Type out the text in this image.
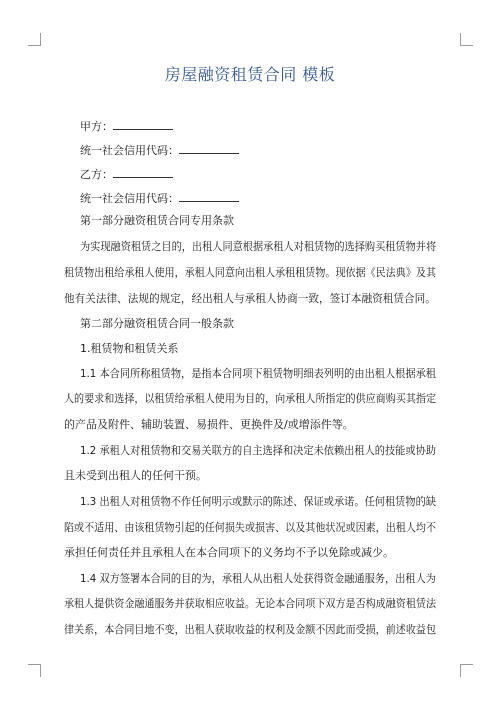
房屋融资租赁合同 模板
甲方：
统一社会信用代码：
乙方：
统一社会信用代码：
第一部分融资租赁合同专用条款
为实现融资租赁之目的，出租人同意根据承租人对租赁物的选择购买租赁物并将
租赁物出租给承租人使用，承租人同意向出租人承租租赁物。现依据《民法典》及其
他有关法律、法规的规定，经出租人与承租人协商一致，签订本融资租赁合同。
第二部分融资租赁合同一般条款
1.租赁物和租赁关系
1.1 本合同所称租赁物，是指本合同项下租赁物明细表列明的由出租人根据承租
人的要求和选择，以租赁给承租人使用为目的，向承租人所指定的供应商购买其指定
的产品及附件、辅助装置、易损件、更换件及/或增添件等。
1.2 承租人对租赁物和交易关联方的自主选择和决定未依赖出租人的技能或协助
且未受到出租人的任何干预。
1.3 出租人对租赁物不作任何明示或默示的陈述、保证或承诺。任何租赁物的缺
陷或不适用、由该租赁物引起的任何损失或损害、以及其他状况或因素，出租人均不
承担任何责任并且承租人在本合同项下的义务均不予以免除或减少。
1.4 双方签署本合同的目的为，承租人从出租人处获得资金融通服务，出租人为
承租人提供资金融通服务并获取相应收益。无论本合同项下双方是否构成融资租赁法
律关系，本合同目地不变，出租人获取收益的权利及金额不因此而受损，前述收益包
